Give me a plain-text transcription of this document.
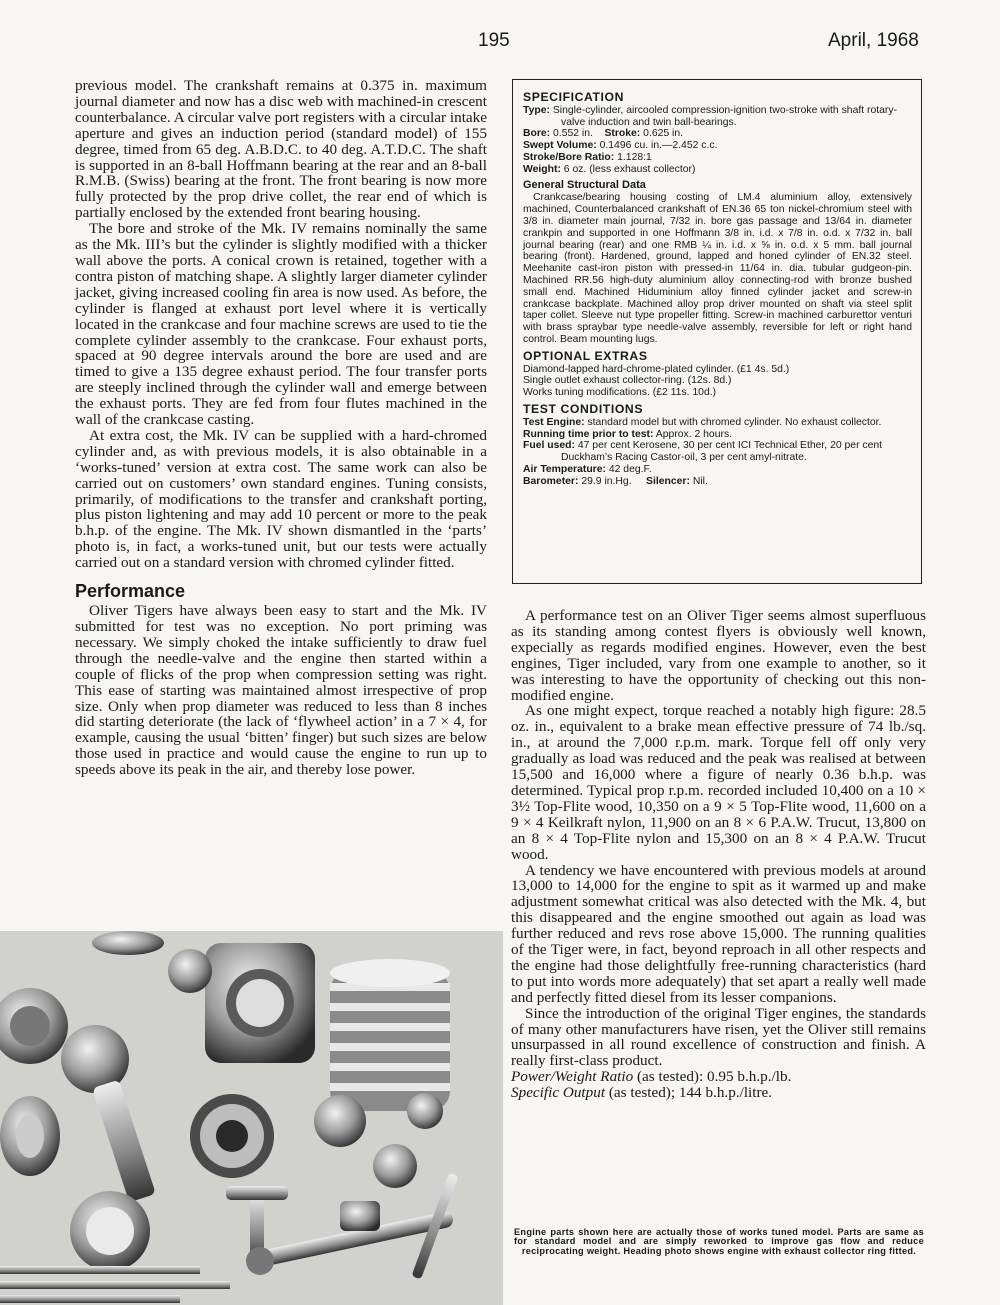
195	April, 1968

previous model. The crankshaft remains at 0.375 in. maximum journal diameter and now has a disc web with machined-in crescent counterbalance. A circular valve port registers with a circular intake aperture and gives an induction period (standard model) of 155 degree, timed from 65 deg. A.B.D.C. to 40 deg. A.T.D.C. The shaft is supported in an 8-ball Hoffmann bearing at the rear and an 8-ball R.M.B. (Swiss) bearing at the front. The front bearing is now more fully protected by the prop drive collet, the rear end of which is partially enclosed by the extended front bearing housing.

The bore and stroke of the Mk. IV remains nominally the same as the Mk. III’s but the cylinder is slightly modified with a thicker wall above the ports. A conical crown is retained, together with a contra piston of matching shape. A slightly larger diameter cylinder jacket, giving increased cooling fin area is now used. As before, the cylinder is flanged at exhaust port level where it is vertically located in the crankcase and four machine screws are used to tie the complete cylinder assembly to the crankcase. Four exhaust ports, spaced at 90 degree intervals around the bore are used and are timed to give a 135 degree exhaust period. The four transfer ports are steeply inclined through the cylinder wall and emerge between the exhaust ports. They are fed from four flutes machined in the wall of the crankcase casting.

At extra cost, the Mk. IV can be supplied with a hard-chromed cylinder and, as with previous models, it is also obtainable in a ‘works-tuned’ version at extra cost. The same work can also be carried out on customers’ own standard engines. Tuning consists, primarily, of modifications to the transfer and crankshaft porting, plus piston lightening and may add 10 percent or more to the peak b.h.p. of the engine. The Mk. IV shown dismantled in the ‘parts’ photo is, in fact, a works-tuned unit, but our tests were actually carried out on a standard version with chromed cylinder fitted.

Performance

Oliver Tigers have always been easy to start and the Mk. IV submitted for test was no exception. No port priming was necessary. We simply choked the intake sufficiently to draw fuel through the needle-valve and the engine then started within a couple of flicks of the prop when compression setting was right. This ease of starting was maintained almost irrespective of prop size. Only when prop diameter was reduced to less than 8 inches did starting deteriorate (the lack of ‘flywheel action’ in a 7 × 4, for example, causing the usual ‘bitten’ finger) but such sizes are below those used in practice and would cause the engine to run up to speeds above its peak in the air, and thereby lose power.

SPECIFICATION

Type: Single-cylinder, aircooled compression-ignition two-stroke with shaft rotary-valve induction and twin ball-bearings.

Bore: 0.552 in. Stroke: 0.625 in.

Swept Volume: 0.1496 cu. in.—2.452 c.c.

Stroke/Bore Ratio: 1.128:1

Weight: 6 oz. (less exhaust collector)

General Structural Data

Crankcase/bearing housing costing of LM.4 aluminium alloy, extensively machined, Counterbalanced crankshaft of EN.36 65 ton nickel-chromium steel with 3/8 in. diameter main journal, 7/32 in. bore gas passage and 13/64 in. diameter crankpin and supported in one Hoffmann 3/8 in. i.d. x 7/8 in. o.d. x 7/32 in. ball journal bearing (rear) and one RMB ¼ in. i.d. x ⅝ in. o.d. x 5 mm. ball journal bearing (front). Hardened, ground, lapped and honed cylinder of EN.32 steel. Meehanite cast-iron piston with pressed-in 11/64 in. dia. tubular gudgeon-pin. Machined RR.56 high-duty aluminium alloy connecting-rod with bronze bushed small end. Machined Hiduminium alloy finned cylinder jacket and screw-in crankcase backplate. Machined alloy prop driver mounted on shaft via steel split taper collet. Sleeve nut type propeller fitting. Screw-in machined carburettor venturi with brass spraybar type needle-valve assembly, reversible for left or right hand control. Beam mounting lugs.

OPTIONAL EXTRAS

Diamond-lapped hard-chrome-plated cylinder. (£1 4s. 5d.)

Single outlet exhaust collector-ring. (12s. 8d.)

Works tuning modifications. (£2 11s. 10d.)

TEST CONDITIONS

Test Engine: standard model but with chromed cylinder. No exhaust collector.

Running time prior to test: Approx. 2 hours.

Fuel used: 47 per cent Kerosene, 30 per cent ICI Technical Ether, 20 per cent Duckham’s Racing Castor-oil, 3 per cent amyl-nitrate.

Air Temperature: 42 deg.F.

Barometer: 29.9 in.Hg. Silencer: Nil.

A performance test on an Oliver Tiger seems almost superfluous as its standing among contest flyers is obviously well known, expecially as regards modified engines. However, even the best engines, Tiger included, vary from one example to another, so it was interesting to have the opportunity of checking out this non-modified engine.

As one might expect, torque reached a notably high figure: 28.5 oz. in., equivalent to a brake mean effective pressure of 74 lb./sq. in., at around the 7,000 r.p.m. mark. Torque fell off only very gradually as load was reduced and the peak was realised at between 15,500 and 16,000 where a figure of nearly 0.36 b.h.p. was determined. Typical prop r.p.m. recorded included 10,400 on a 10 × 3½ Top-Flite wood, 10,350 on a 9 × 5 Top-Flite wood, 11,600 on a 9 × 4 Keilkraft nylon, 11,900 on an 8 × 6 P.A.W. Trucut, 13,800 on an 8 × 4 Top-Flite nylon and 15,300 on an 8 × 4 P.A.W. Trucut wood.

A tendency we have encountered with previous models at around 13,000 to 14,000 for the engine to spit as it warmed up and make adjustment somewhat critical was also detected with the Mk. 4, but this disappeared and the engine smoothed out again as load was further reduced and revs rose above 15,000. The running qualities of the Tiger were, in fact, beyond reproach in all other respects and the engine had those delightfully free-running characteristics (hard to put into words more adequately) that set apart a really well made and perfectly fitted diesel from its lesser companions.

Since the introduction of the original Tiger engines, the standards of many other manufacturers have risen, yet the Oliver still remains unsurpassed in all round excellence of construction and finish. A really first-class product.

Power/Weight Ratio (as tested): 0.95 b.h.p./lb.

Specific Output (as tested); 144 b.h.p./litre.

Engine parts shown here are actually those of works tuned model. Parts are same as for standard model and are simply reworked to improve gas flow and reduce reciprocating weight. Heading photo shows engine with exhaust collector ring fitted.
